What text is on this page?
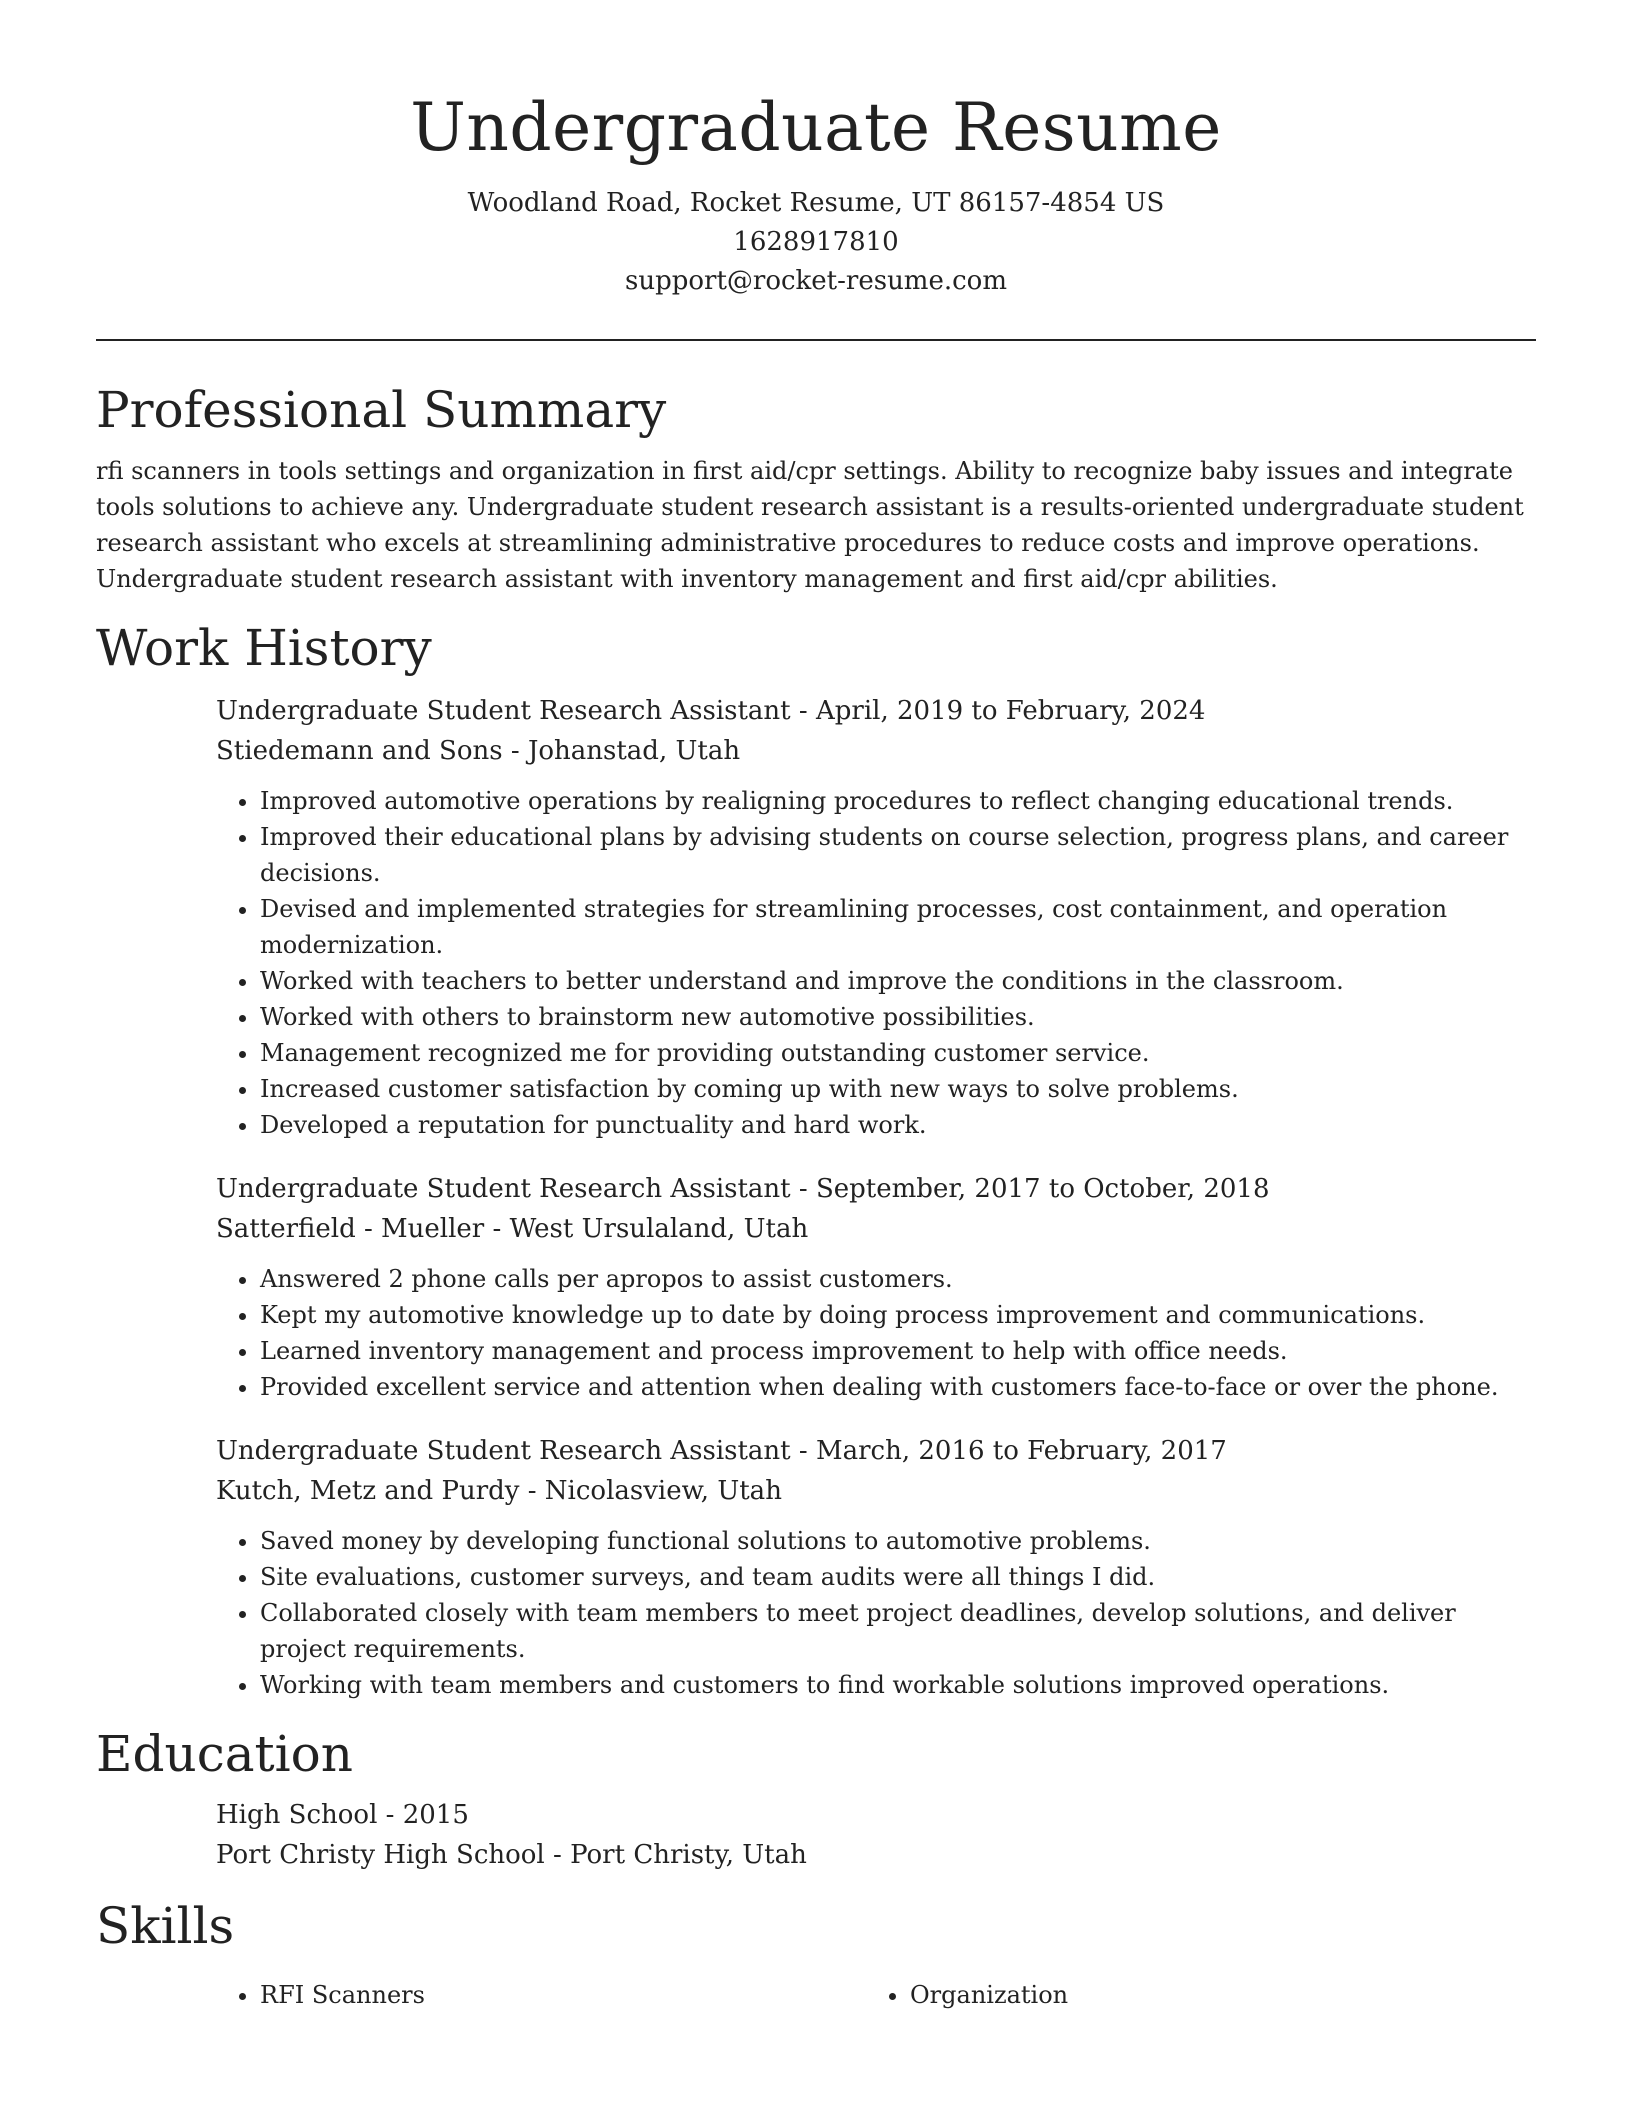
Undergraduate Resume
Woodland Road, Rocket Resume, UT 86157-4854 US
1628917810
support@rocket-resume.com
Professional Summary

rfi scanners in tools settings and organization in first aid/cpr settings. Ability to recognize baby issues and integrate tools solutions to achieve any. Undergraduate student research assistant is a results-oriented undergraduate student research assistant who excels at streamlining administrative procedures to reduce costs and improve operations. Undergraduate student research assistant with inventory management and first aid/cpr abilities.

Work History
Undergraduate Student Research Assistant - April, 2019 to February, 2024
Stiedemann and Sons - Johanstad, Utah
• Improved automotive operations by realigning procedures to reflect changing educational trends.
• Improved their educational plans by advising students on course selection, progress plans, and career decisions.
• Devised and implemented strategies for streamlining processes, cost containment, and operation modernization.
• Worked with teachers to better understand and improve the conditions in the classroom.
• Worked with others to brainstorm new automotive possibilities.
• Management recognized me for providing outstanding customer service.
• Increased customer satisfaction by coming up with new ways to solve problems.
• Developed a reputation for punctuality and hard work.
Undergraduate Student Research Assistant - September, 2017 to October, 2018
Satterfield - Mueller - West Ursulaland, Utah
• Answered 2 phone calls per apropos to assist customers.
• Kept my automotive knowledge up to date by doing process improvement and communications.
• Learned inventory management and process improvement to help with office needs.
• Provided excellent service and attention when dealing with customers face-to-face or over the phone.
Undergraduate Student Research Assistant - March, 2016 to February, 2017
Kutch, Metz and Purdy - Nicolasview, Utah
• Saved money by developing functional solutions to automotive problems.
• Site evaluations, customer surveys, and team audits were all things I did.
• Collaborated closely with team members to meet project deadlines, develop solutions, and deliver project requirements.
• Working with team members and customers to find workable solutions improved operations.
Education
High School - 2015
Port Christy High School - Port Christy, Utah
Skills
• RFI Scanners
•	Organization
